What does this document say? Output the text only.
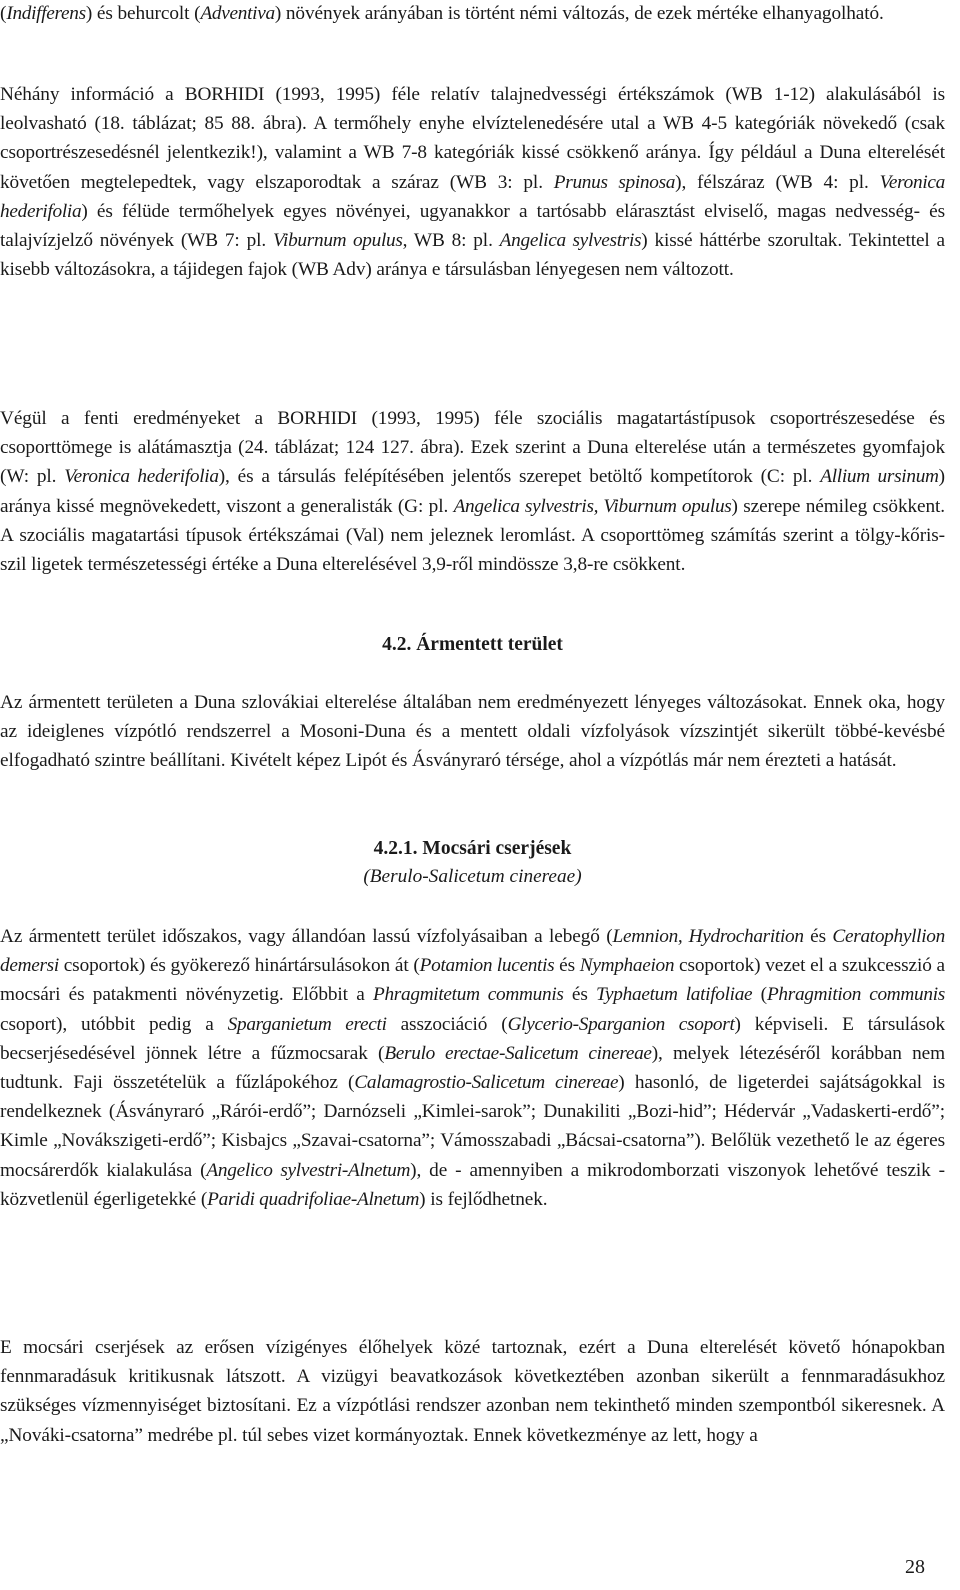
(Indifferens) és behurcolt (Adventiva) növények arányában is történt némi változás, de ezek mértéke elhanyagolható.
Néhány információ a BORHIDI (1993, 1995) féle relatív talajnedvességi értékszámok (WB 1-12) alakulásából is leolvasható (18. táblázat; 85 88. ábra). A termőhely enyhe elvíztelenedésére utal a WB 4-5 kategóriák növekedő (csak csoportrészesedésnél jelentkezik!), valamint a WB 7-8 kategóriák kissé csökkenő aránya. Így például a Duna elterelését követően megtelepedtek, vagy elszaporodtak a száraz (WB 3: pl. Prunus spinosa), félszáraz (WB 4: pl. Veronica hederifolia) és félüde termőhelyek egyes növényei, ugyanakkor a tartósabb elárasztást elviselő, magas nedvesség- és talajvízjelző növények (WB 7: pl. Viburnum opulus, WB 8: pl. Angelica sylvestris) kissé háttérbe szorultak. Tekintettel a kisebb változásokra, a tájidegen fajok (WB Adv) aránya e társulásban lényegesen nem változott.
Végül a fenti eredményeket a BORHIDI (1993, 1995) féle szociális magatartástípusok csoportrészesedése és csoporttömege is alátámasztja (24. táblázat; 124 127. ábra). Ezek szerint a Duna elterelése után a természetes gyomfajok (W: pl. Veronica hederifolia), és a társulás felépítésében jelentős szerepet betöltő kompetítorok (C: pl. Allium ursinum) aránya kissé megnövekedett, viszont a generalisták (G: pl. Angelica sylvestris, Viburnum opulus) szerepe némileg csökkent. A szociális magatartási típusok értékszámai (Val) nem jeleznek leromlást. A csoporttömeg számítás szerint a tölgy-kőris-szil ligetek természetességi értéke a Duna elterelésével 3,9-ről mindössze 3,8-re csökkent.
4.2. Ármentett terület
Az ármentett területen a Duna szlovákiai elterelése általában nem eredményezett lényeges változásokat. Ennek oka, hogy az ideiglenes vízpótló rendszerrel a Mosoni-Duna és a mentett oldali vízfolyások vízszintjét sikerült többé-kevésbé elfogadható szintre beállítani. Kivételt képez Lipót és Ásványraró térsége, ahol a vízpótlás már nem érezteti a hatását.
4.2.1. Mocsári cserjések
(Berulo-Salicetum cinereae)
Az ármentett terület időszakos, vagy állandóan lassú vízfolyásaiban a lebegő (Lemnion, Hydrocharition és Ceratophyllion demersi csoportok) és gyökerező hinártársulásokon át (Potamion lucentis és Nymphaeion csoportok) vezet el a szukcesszió a mocsári és patakmenti növényzetig. Előbbit a Phragmitetum communis és Typhaetum latifoliae (Phragmition communis csoport), utóbbit pedig a Sparganietum erecti asszociáció (Glycerio-Sparganion csoport) képviseli. E társulások becserjésedésével jönnek létre a fűzmocsarak (Berulo erectae-Salicetum cinereae), melyek létezéséről korábban nem tudtunk. Faji összetételük a fűzlápokéhoz (Calamagrostio-Salicetum cinereae) hasonló, de ligeterdei sajátságokkal is rendelkeznek (Ásványraró „Rárói-erdő”; Darnózseli „Kimlei-sarok”; Dunakiliti „Bozi-hid”; Hédervár „Vadaskerti-erdő”; Kimle „Novákszigeti-erdő”; Kisbajcs „Szavai-csatorna”; Vámosszabadi „Bácsai-csatorna”). Belőlük vezethető le az égeres mocsárerdők kialakulása (Angelico sylvestri-Alnetum), de - amennyiben a mikrodomborzati viszonyok lehetővé teszik - közvetlenül égerligetekké (Paridi quadrifoliae-Alnetum) is fejlődhetnek.
E mocsári cserjések az erősen vízigényes élőhelyek közé tartoznak, ezért a Duna elterelését követő hónapokban fennmaradásuk kritikusnak látszott. A vizügyi beavatkozások következtében azonban sikerült a fennmaradásukhoz szükséges vízmennyiséget biztosítani. Ez a vízpótlási rendszer azonban nem tekinthető minden szempontból sikeresnek. A „Nováki-csatorna” medrébe pl. túl sebes vizet kormányoztak. Ennek következménye az lett, hogy a
28
